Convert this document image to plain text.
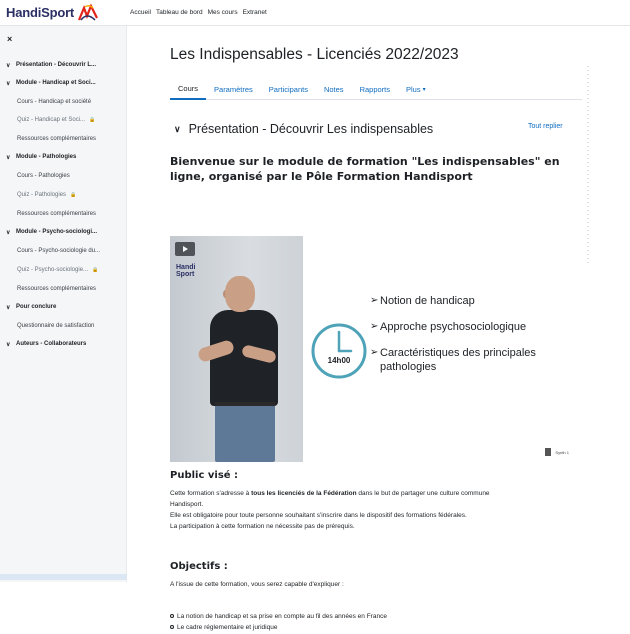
HandiSport	Accueil Tableau de bord Mes cours Extranet
×
∨ Présentation - Découvrir L...
∨ Module - Handicap et Soci...
Cours - Handicap et société
Quiz - Handicap et Soci... 🔒
Ressources complémentaires
∨ Module - Pathologies
Cours - Pathologies
Quiz - Pathologies 🔒
Ressources complémentaires
∨ Module - Psycho-sociologi...
Cours - Psycho-sociologie du...
Quiz - Psycho-sociologie... 🔒
Ressources complémentaires
∨ Pour conclure
Questionnaire de satisfaction
∨ Auteurs - Collaborateurs
Les Indispensables - Licenciés 2022/2023
Cours	Paramètres	Participants	Notes	Rapports	Plus ▾
∨ Présentation - Découvrir Les indispensables	Tout replier
Bienvenue sur le module de formation "Les indispensables" en ligne, organisé par le Pôle Formation Handisport
Handi
Sport
14h00
➢ Notion de handicap
➢ Approche psychosociologique
➢ Caractéristiques des principales pathologies
Synth 1
Public visé :
Cette formation s'adresse à tous les licenciés de la Fédération dans le but de partager une culture commune
Handisport.
Elle est obligatoire pour toute personne souhaitant s'inscrire dans le dispositif des formations fédérales.
La participation à cette formation ne nécessite pas de prérequis.
Objectifs :
A l'issue de cette formation, vous serez capable d'expliquer :
La notion de handicap et sa prise en compte au fil des années en France
Le cadre réglementaire et juridique
